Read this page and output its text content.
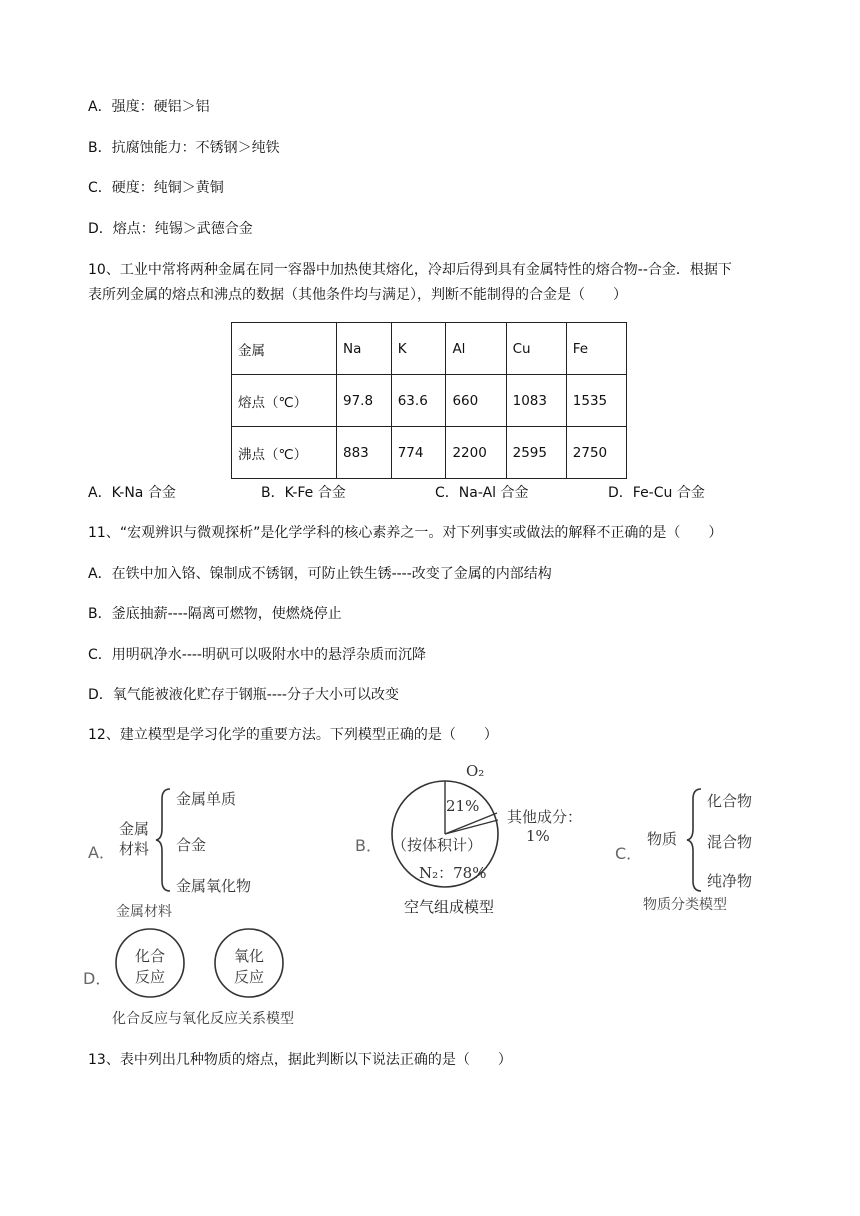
A．强度：硬铝＞铝
B．抗腐蚀能力：不锈钢＞纯铁
C．硬度：纯铜＞黄铜
D．熔点：纯锡＞武德合金
10、工业中常将两种金属在同一容器中加热使其熔化，冷却后得到具有金属特性的熔合物--合金．根据下
表所列金属的熔点和沸点的数据（其他条件均与满足），判断不能制得的合金是（　　）
金属	Na	K	Al	Cu	Fe
熔点（℃）	97.8	63.6	660	1083	1535
沸点（℃）	883	774	2200	2595	2750
A．K-Na 合金	B．K-Fe 合金	C．Na-Al 合金	D．Fe-Cu 合金
11、“宏观辨识与微观探析”是化学学科的核心素养之一。对下列事实或做法的解释不正确的是（　　）
A．在铁中加入铬、镍制成不锈钢，可防止铁生锈----改变了金属的内部结构
B．釜底抽薪----隔离可燃物，使燃烧停止
C．用明矾净水----明矾可以吸附水中的悬浮杂质而沉降
D．氧气能被液化贮存于钢瓶----分子大小可以改变
12、建立模型是学习化学的重要方法。下列模型正确的是（　　）
A．
金属
材料
金属单质
合金
金属氧化物
金属材料
B．
O₂
21%
其他成分：
1%
（按体积计）
N₂：78%
空气组成模型
C．
物质
化合物
混合物
纯净物
物质分类模型
D．
化合
反应
氧化
反应
化合反应与氧化反应关系模型
13、表中列出几种物质的熔点，据此判断以下说法正确的是（　　）
